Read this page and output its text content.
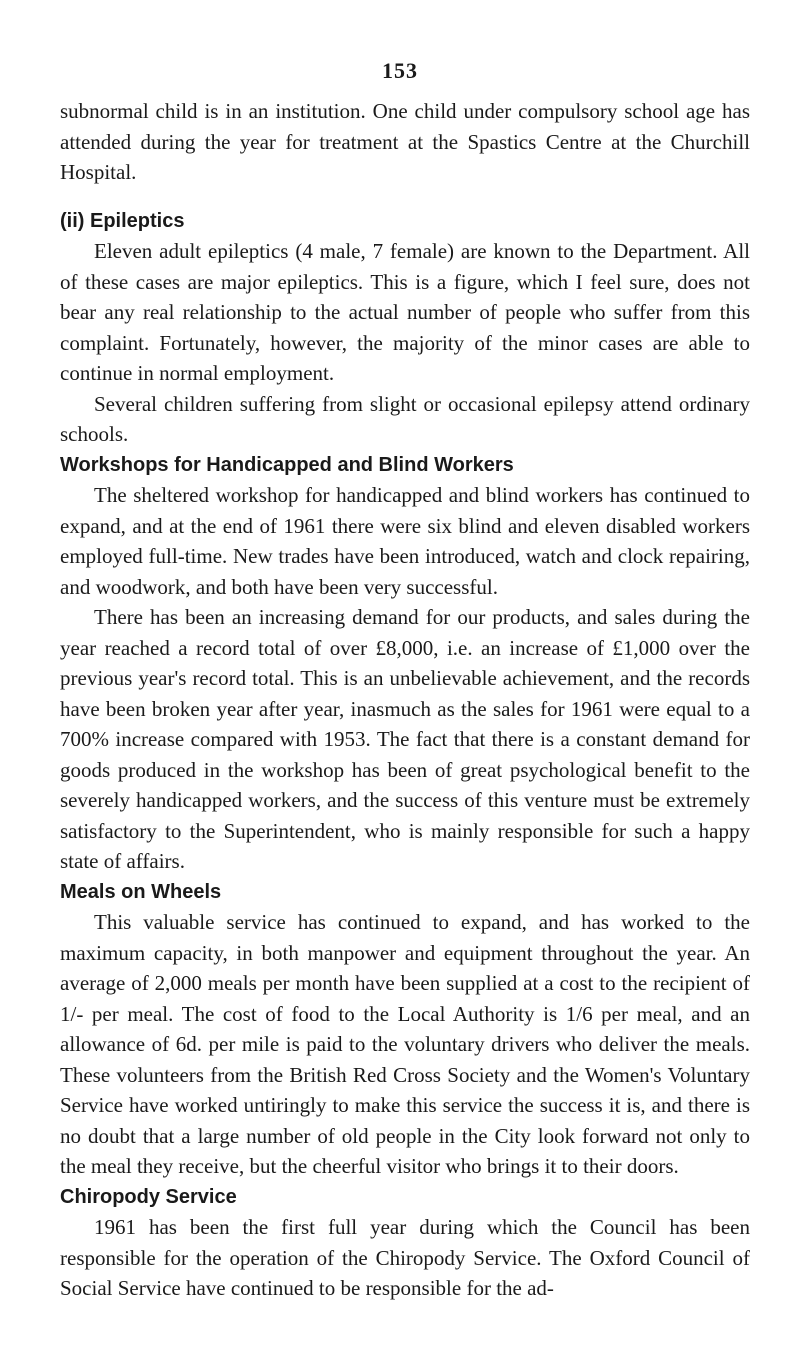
153

subnormal child is in an institution. One child under compulsory school age has attended during the year for treatment at the Spastics Centre at the Churchill Hospital.

(ii) Epileptics

Eleven adult epileptics (4 male, 7 female) are known to the Department. All of these cases are major epileptics. This is a figure, which I feel sure, does not bear any real relationship to the actual number of people who suffer from this complaint. Fortunately, however, the majority of the minor cases are able to continue in normal employment.

Several children suffering from slight or occasional epilepsy attend ordinary schools.

Workshops for Handicapped and Blind Workers

The sheltered workshop for handicapped and blind workers has continued to expand, and at the end of 1961 there were six blind and eleven disabled workers employed full-time. New trades have been introduced, watch and clock repairing, and woodwork, and both have been very successful.

There has been an increasing demand for our products, and sales during the year reached a record total of over £8,000, i.e. an increase of £1,000 over the previous year's record total. This is an unbelievable achievement, and the records have been broken year after year, inasmuch as the sales for 1961 were equal to a 700% increase compared with 1953. The fact that there is a constant demand for goods produced in the workshop has been of great psychological benefit to the severely handicapped workers, and the success of this venture must be extremely satisfactory to the Superintendent, who is mainly responsible for such a happy state of affairs.

Meals on Wheels

This valuable service has continued to expand, and has worked to the maximum capacity, in both manpower and equipment throughout the year. An average of 2,000 meals per month have been supplied at a cost to the recipient of 1/- per meal. The cost of food to the Local Authority is 1/6 per meal, and an allowance of 6d. per mile is paid to the voluntary drivers who deliver the meals. These volunteers from the British Red Cross Society and the Women's Voluntary Service have worked untiringly to make this service the success it is, and there is no doubt that a large number of old people in the City look forward not only to the meal they receive, but the cheerful visitor who brings it to their doors.

Chiropody Service

1961 has been the first full year during which the Council has been responsible for the operation of the Chiropody Service. The Oxford Council of Social Service have continued to be responsible for the ad-
